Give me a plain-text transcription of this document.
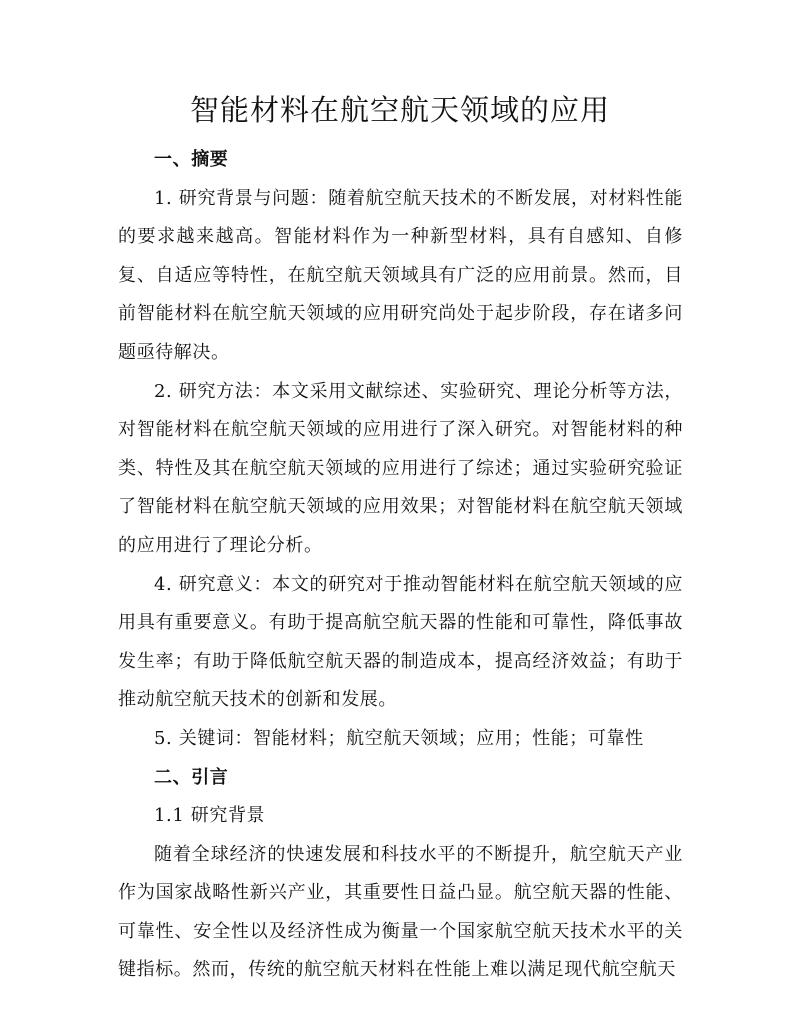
智能材料在航空航天领域的应用

一、摘要

1. 研究背景与问题：随着航空航天技术的不断发展，对材料性能的要求越来越高。智能材料作为一种新型材料，具有自感知、自修复、自适应等特性，在航空航天领域具有广泛的应用前景。然而，目前智能材料在航空航天领域的应用研究尚处于起步阶段，存在诸多问题亟待解决。

2. 研究方法：本文采用文献综述、实验研究、理论分析等方法，对智能材料在航空航天领域的应用进行了深入研究。对智能材料的种类、特性及其在航空航天领域的应用进行了综述；通过实验研究验证了智能材料在航空航天领域的应用效果；对智能材料在航空航天领域的应用进行了理论分析。

4. 研究意义：本文的研究对于推动智能材料在航空航天领域的应用具有重要意义。有助于提高航空航天器的性能和可靠性，降低事故发生率；有助于降低航空航天器的制造成本，提高经济效益；有助于推动航空航天技术的创新和发展。

5. 关键词：智能材料；航空航天领域；应用；性能；可靠性

二、引言

1.1 研究背景

随着全球经济的快速发展和科技水平的不断提升，航空航天产业作为国家战略性新兴产业，其重要性日益凸显。航空航天器的性能、可靠性、安全性以及经济性成为衡量一个国家航空航天技术水平的关键指标。然而，传统的航空航天材料在性能上难以满足现代航空航天
